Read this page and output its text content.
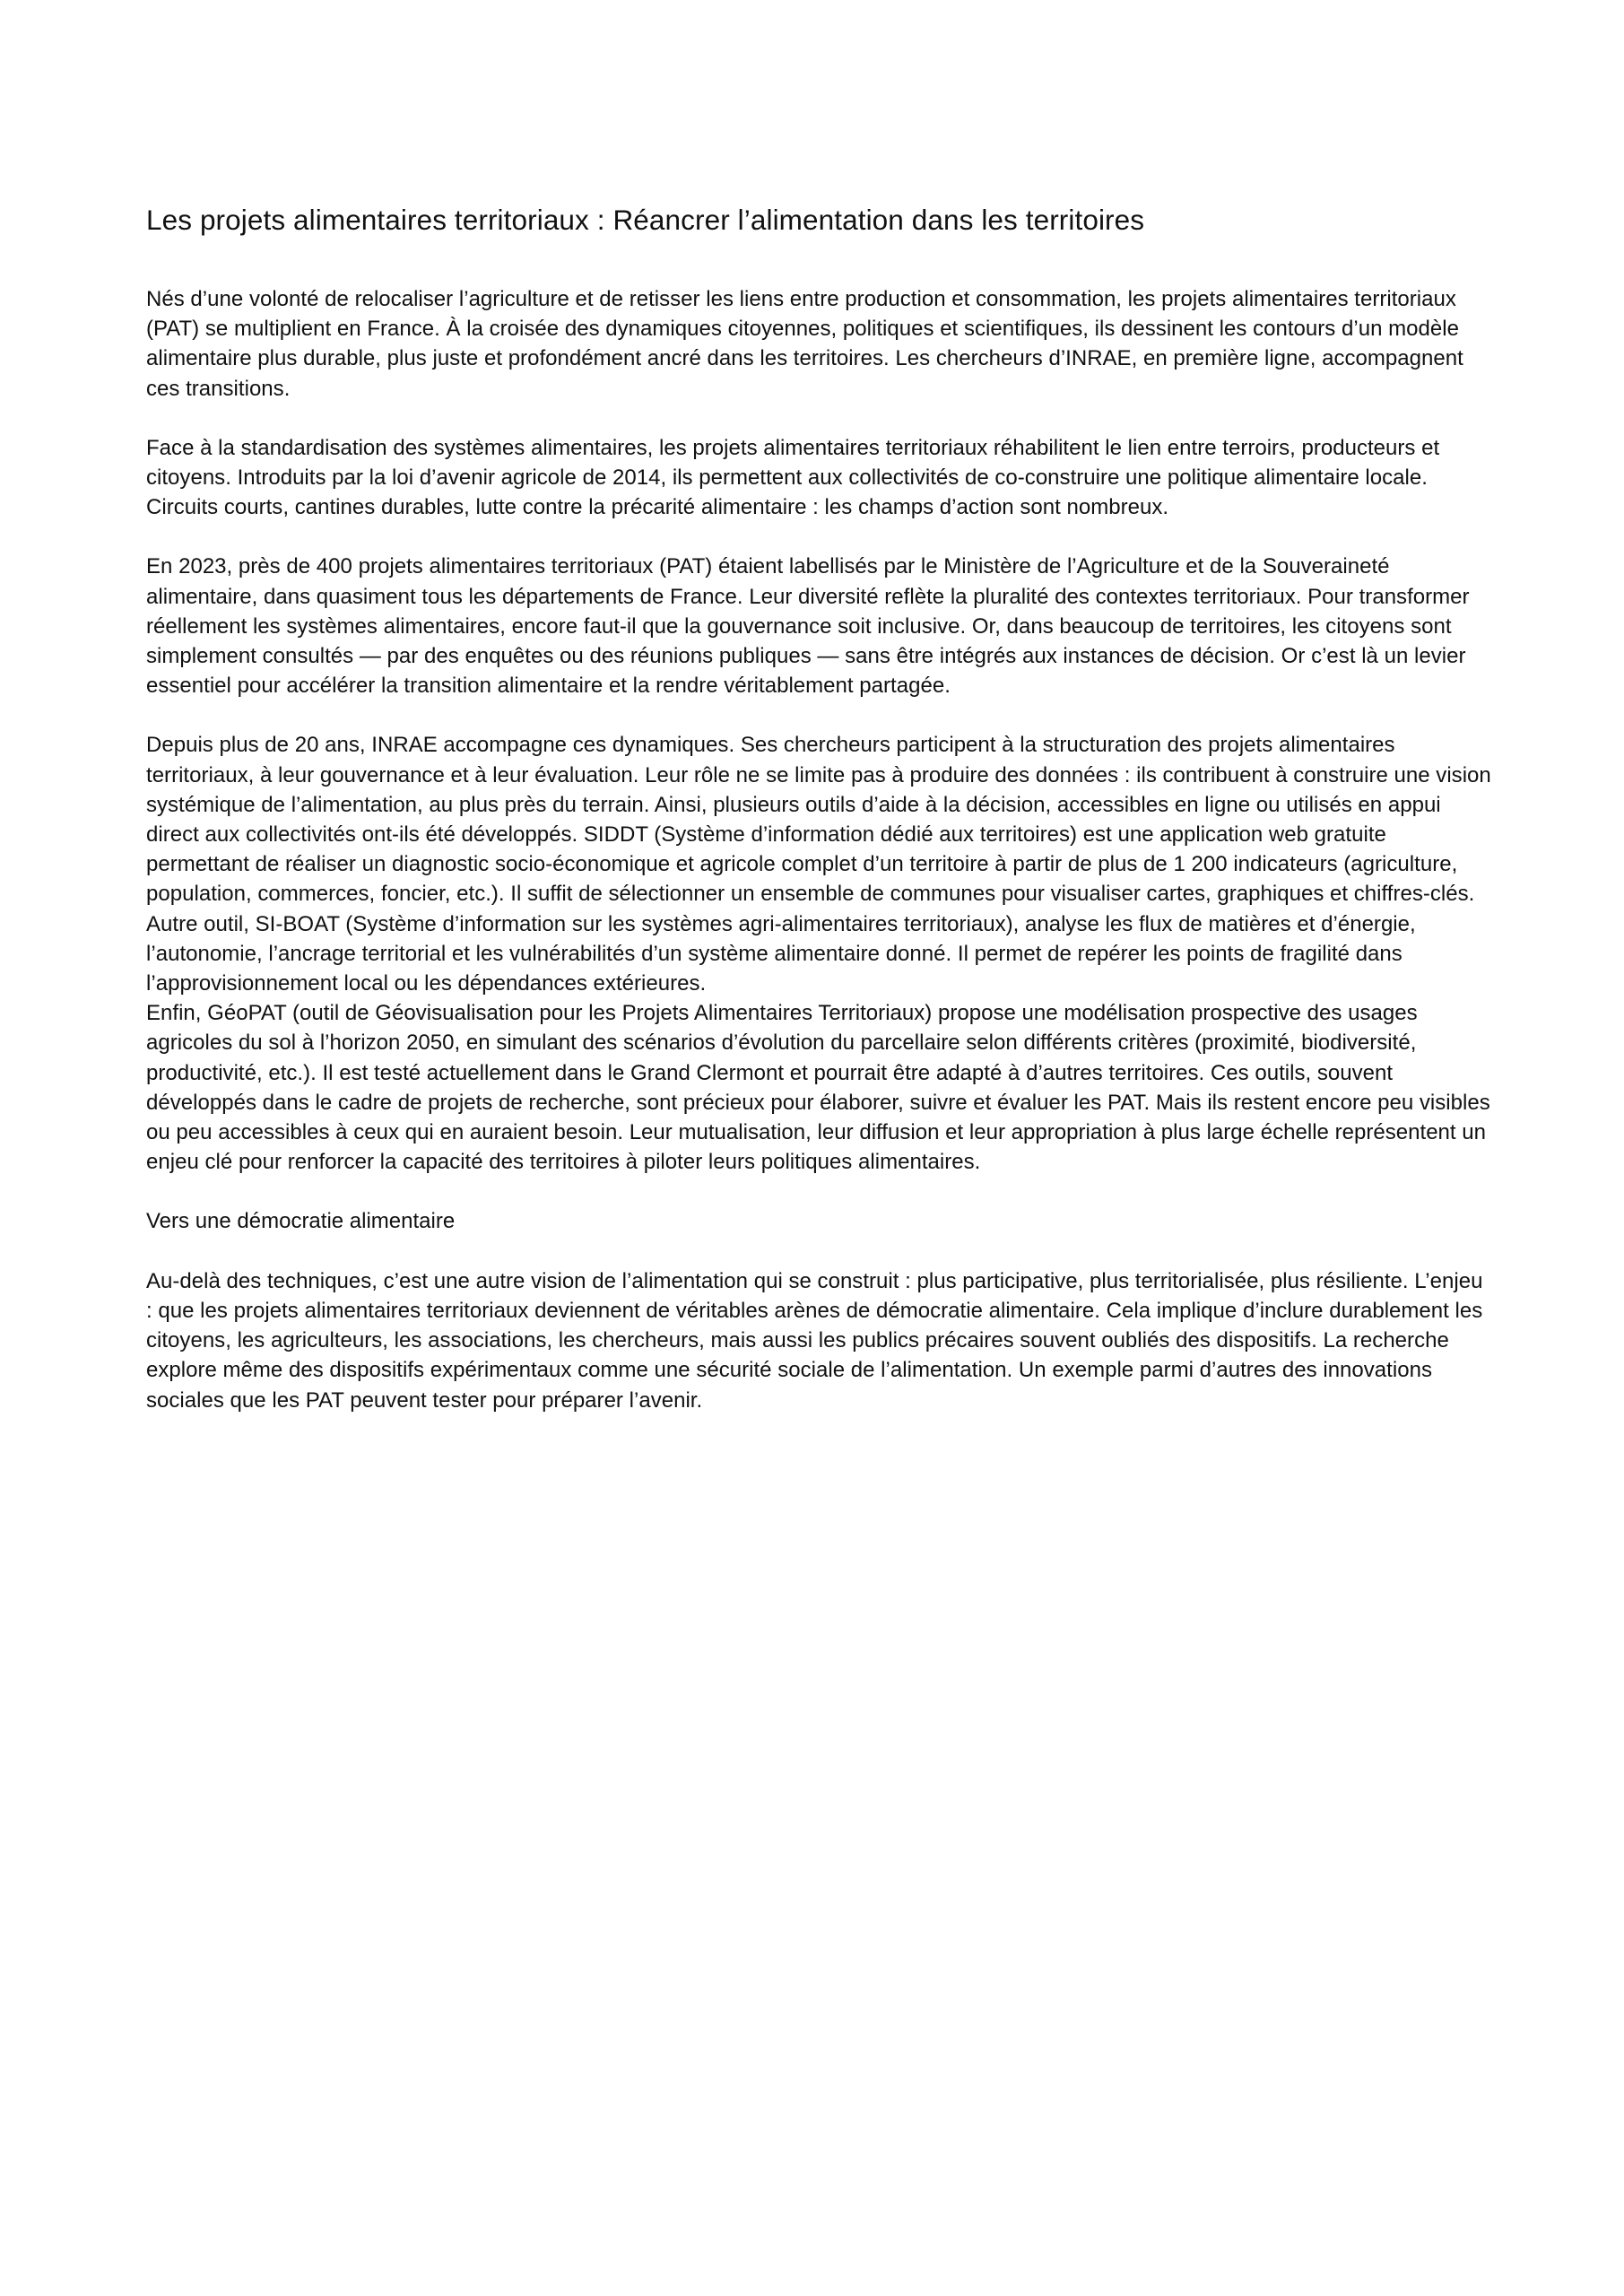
Les projets alimentaires territoriaux : Réancrer l’alimentation dans les territoires

Nés d’une volonté de relocaliser l’agriculture et de retisser les liens entre production et consommation, les projets alimentaires territoriaux (PAT) se multiplient en France. À la croisée des dynamiques citoyennes, politiques et scientifiques, ils dessinent les contours d’un modèle alimentaire plus durable, plus juste et profondément ancré dans les territoires. Les chercheurs d’INRAE, en première ligne, accompagnent ces transitions.

Face à la standardisation des systèmes alimentaires, les projets alimentaires territoriaux réhabilitent le lien entre terroirs, producteurs et citoyens. Introduits par la loi d’avenir agricole de 2014, ils permettent aux collectivités de co-construire une politique alimentaire locale. Circuits courts, cantines durables, lutte contre la précarité alimentaire : les champs d’action sont nombreux.

En 2023, près de 400 projets alimentaires territoriaux (PAT) étaient labellisés par le Ministère de l’Agriculture et de la Souveraineté alimentaire, dans quasiment tous les départements de France. Leur diversité reflète la pluralité des contextes territoriaux. Pour transformer réellement les systèmes alimentaires, encore faut-il que la gouvernance soit inclusive. Or, dans beaucoup de territoires, les citoyens sont simplement consultés — par des enquêtes ou des réunions publiques — sans être intégrés aux instances de décision. Or c’est là un levier essentiel pour accélérer la transition alimentaire et la rendre véritablement partagée.

Depuis plus de 20 ans, INRAE accompagne ces dynamiques. Ses chercheurs participent à la structuration des projets alimentaires territoriaux, à leur gouvernance et à leur évaluation. Leur rôle ne se limite pas à produire des données : ils contribuent à construire une vision systémique de l’alimentation, au plus près du terrain. Ainsi, plusieurs outils d’aide à la décision, accessibles en ligne ou utilisés en appui direct aux collectivités ont-ils été développés. SIDDT (Système d’information dédié aux territoires) est une application web gratuite permettant de réaliser un diagnostic socio-économique et agricole complet d’un territoire à partir de plus de 1 200 indicateurs (agriculture, population, commerces, foncier, etc.). Il suffit de sélectionner un ensemble de communes pour visualiser cartes, graphiques et chiffres-clés.

Autre outil, SI-BOAT (Système d’information sur les systèmes agri-alimentaires territoriaux), analyse les flux de matières et d’énergie, l’autonomie, l’ancrage territorial et les vulnérabilités d’un système alimentaire donné. Il permet de repérer les points de fragilité dans l’approvisionnement local ou les dépendances extérieures.

Enfin, GéoPAT (outil de Géovisualisation pour les Projets Alimentaires Territoriaux) propose une modélisation prospective des usages agricoles du sol à l’horizon 2050, en simulant des scénarios d’évolution du parcellaire selon différents critères (proximité, biodiversité, productivité, etc.). Il est testé actuellement dans le Grand Clermont et pourrait être adapté à d’autres territoires. Ces outils, souvent développés dans le cadre de projets de recherche, sont précieux pour élaborer, suivre et évaluer les PAT. Mais ils restent encore peu visibles ou peu accessibles à ceux qui en auraient besoin. Leur mutualisation, leur diffusion et leur appropriation à plus large échelle représentent un enjeu clé pour renforcer la capacité des territoires à piloter leurs politiques alimentaires.

Vers une démocratie alimentaire

Au-delà des techniques, c’est une autre vision de l’alimentation qui se construit : plus participative, plus territorialisée, plus résiliente. L’enjeu : que les projets alimentaires territoriaux deviennent de véritables arènes de démocratie alimentaire. Cela implique d’inclure durablement les citoyens, les agriculteurs, les associations, les chercheurs, mais aussi les publics précaires souvent oubliés des dispositifs. La recherche explore même des dispositifs expérimentaux comme une sécurité sociale de l’alimentation. Un exemple parmi d’autres des innovations sociales que les PAT peuvent tester pour préparer l’avenir.
